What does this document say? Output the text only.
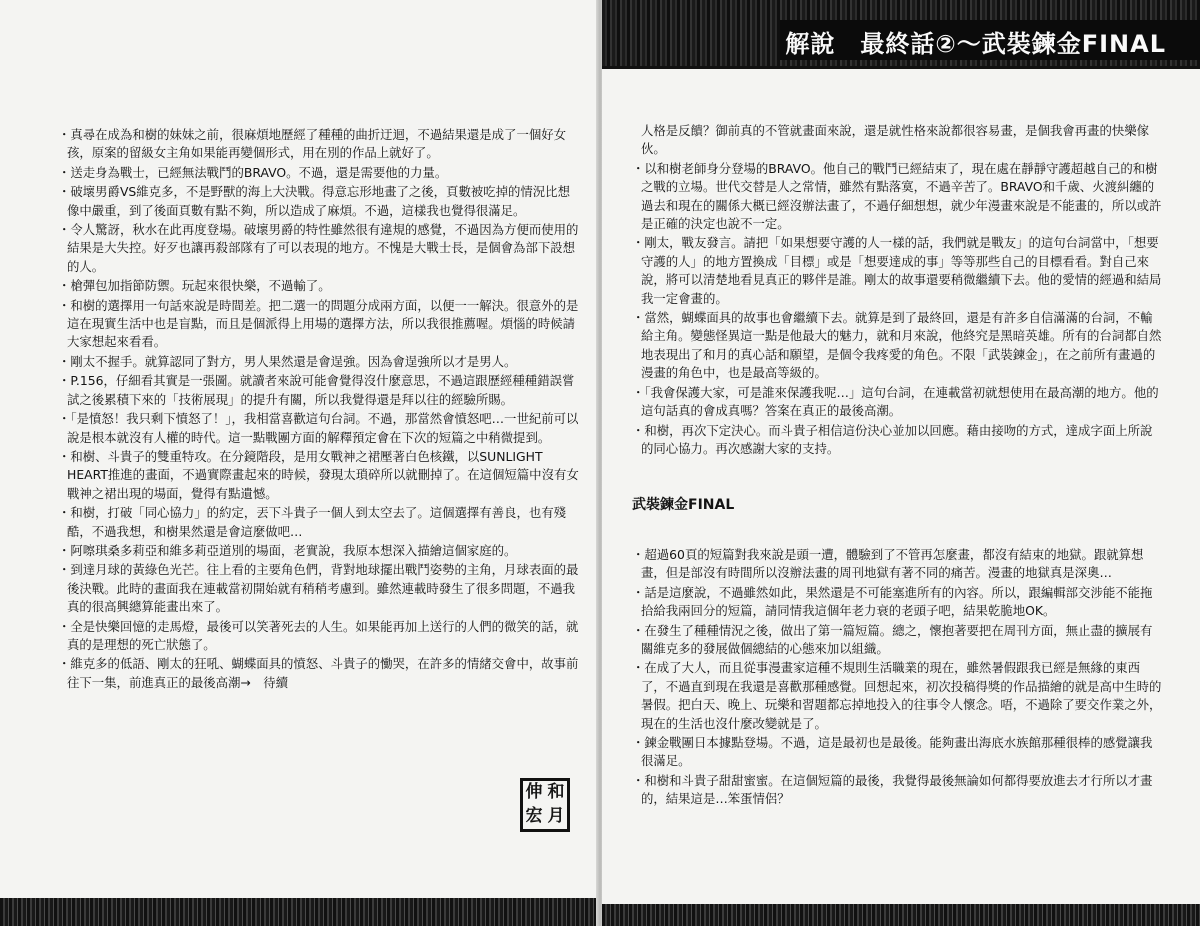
・真尋在成為和樹的妹妹之前，很麻煩地歷經了種種的曲折迂迴，不過結果還是成了一個好女孩，原案的留級女主角如果能再變個形式，用在別的作品上就好了。

・送走身為戰士，已經無法戰鬥的BRAVO。不過，還是需要他的力量。

・破壞男爵VS維克多，不是野獸的海上大決戰。得意忘形地畫了之後，頁數被吃掉的情況比想像中嚴重，到了後面頁數有點不夠，所以造成了麻煩。不過，這樣我也覺得很滿足。

・令人驚訝，秋水在此再度登場。破壞男爵的特性雖然很有違規的感覺，不過因為方便而使用的結果是大失控。好歹也讓再殺部隊有了可以表現的地方。不愧是大戰士長，是個會為部下設想的人。

・槍彈包加指節防禦。玩起來很快樂，不過輸了。

・和樹的選擇用一句話來說是時間差。把二選一的問題分成兩方面，以便一一解決。很意外的是這在現實生活中也是盲點，而且是個派得上用場的選擇方法，所以我很推薦喔。煩惱的時候請大家想起來看看。

・剛太不握手。就算認同了對方，男人果然還是會逞強。因為會逞強所以才是男人。

・P.156，仔細看其實是一張圖。就讀者來說可能會覺得沒什麼意思，不過這跟歷經種種錯誤嘗試之後累積下來的「技術展現」的提升有關，所以我覺得還是拜以往的經驗所賜。

・「是憤怒！我只剩下憤怒了！」，我相當喜歡這句台詞。不過，那當然會憤怒吧…一世紀前可以說是根本就沒有人權的時代。這一點戰團方面的解釋預定會在下次的短篇之中稍微提到。

・和樹、斗貴子的雙重特攻。在分鏡階段，是用女戰神之裙壓著白色核鐵，以SUNLIGHT HEART推進的畫面，不過實際畫起來的時候，發現太瑣碎所以就刪掉了。在這個短篇中沒有女戰神之裙出現的場面，覺得有點遺憾。

・和樹，打破「同心協力」的約定，丟下斗貴子一個人到太空去了。這個選擇有善良，也有殘酷，不過我想，和樹果然還是會這麼做吧…

・阿嚓琪桑多莉亞和維多莉亞道別的場面，老實說，我原本想深入描繪這個家庭的。

・到達月球的黃綠色光芒。往上看的主要角色們，背對地球擺出戰鬥姿勢的主角，月球表面的最後決戰。此時的畫面我在連載當初開始就有稍稍考慮到。雖然連載時發生了很多問題，不過我真的很高興總算能畫出來了。

・全是快樂回憶的走馬燈，最後可以笑著死去的人生。如果能再加上送行的人們的微笑的話，就真的是理想的死亡狀態了。

・維克多的低語、剛太的狂吼、蝴蝶面具的憤怒、斗貴子的慟哭，在許多的情緒交會中，故事前往下一集，前進真正的最後高潮→　待續

伸 和
宏 月
解說　最終話②～武裝鍊金FINAL

人格是反饋？御前真的不管就畫面來說，還是就性格來說都很容易畫，是個我會再畫的快樂傢伙。

・以和樹老師身分登場的BRAVO。他自己的戰鬥已經結束了，現在處在靜靜守護超越自己的和樹之戰的立場。世代交替是人之常情，雖然有點落寞，不過辛苦了。BRAVO和千歲、火渡糾纏的過去和現在的關係大概已經沒辦法畫了，不過仔細想想，就少年漫畫來說是不能畫的，所以或許是正確的決定也說不一定。

・剛太，戰友發言。請把「如果想要守護的人一樣的話，我們就是戰友」的這句台詞當中，「想要守護的人」的地方置換成「目標」或是「想要達成的事」等等那些自己的目標看看。對自己來說，將可以清楚地看見真正的夥伴是誰。剛太的故事還要稍微繼續下去。他的愛情的經過和結局我一定會畫的。

・當然，蝴蝶面具的故事也會繼續下去。就算是到了最終回，還是有許多自信滿滿的台詞，不輸給主角。變態怪異這一點是他最大的魅力，就和月來說，他終究是黑暗英雄。所有的台詞都自然地表現出了和月的真心話和願望，是個令我疼愛的角色。不限「武裝鍊金」，在之前所有畫過的漫畫的角色中，也是最高等級的。

・「我會保護大家，可是誰來保護我呢…」這句台詞，在連載當初就想使用在最高潮的地方。他的這句話真的會成真嗎？答案在真正的最後高潮。

・和樹，再次下定決心。而斗貴子相信這份決心並加以回應。藉由接吻的方式，達成字面上所說的同心協力。再次感謝大家的支持。

武裝鍊金FINAL

・超過60頁的短篇對我來說是頭一遭，體驗到了不管再怎麼畫，都沒有結束的地獄。跟就算想畫，但是部沒有時間所以沒辦法畫的周刊地獄有著不同的痛苦。漫畫的地獄真是深奧…

・話是這麼說，不過雖然如此，果然還是不可能塞進所有的內容。所以，跟編輯部交涉能不能拖拾給我兩回分的短篇，請同情我這個年老力衰的老頭子吧，結果乾脆地OK。

・在發生了種種情況之後，做出了第一篇短篇。總之，懷抱著要把在周刊方面，無止盡的擴展有關維克多的發展做個總結的心態來加以組織。

・在成了大人，而且從事漫畫家這種不規則生活職業的現在，雖然暑假跟我已經是無緣的東西了，不過直到現在我還是喜歡那種感覺。回想起來，初次投稿得獎的作品描繪的就是高中生時的暑假。把白天、晚上、玩樂和習題都忘掉地投入的往事令人懷念。唔，不過除了要交作業之外，現在的生活也沒什麼改變就是了。

・鍊金戰團日本據點登場。不過，這是最初也是最後。能夠畫出海底水族館那種很棒的感覺讓我很滿足。

・和樹和斗貴子甜甜蜜蜜。在這個短篇的最後，我覺得最後無論如何都得要放進去才行所以才畫的，結果這是…笨蛋情侶？
